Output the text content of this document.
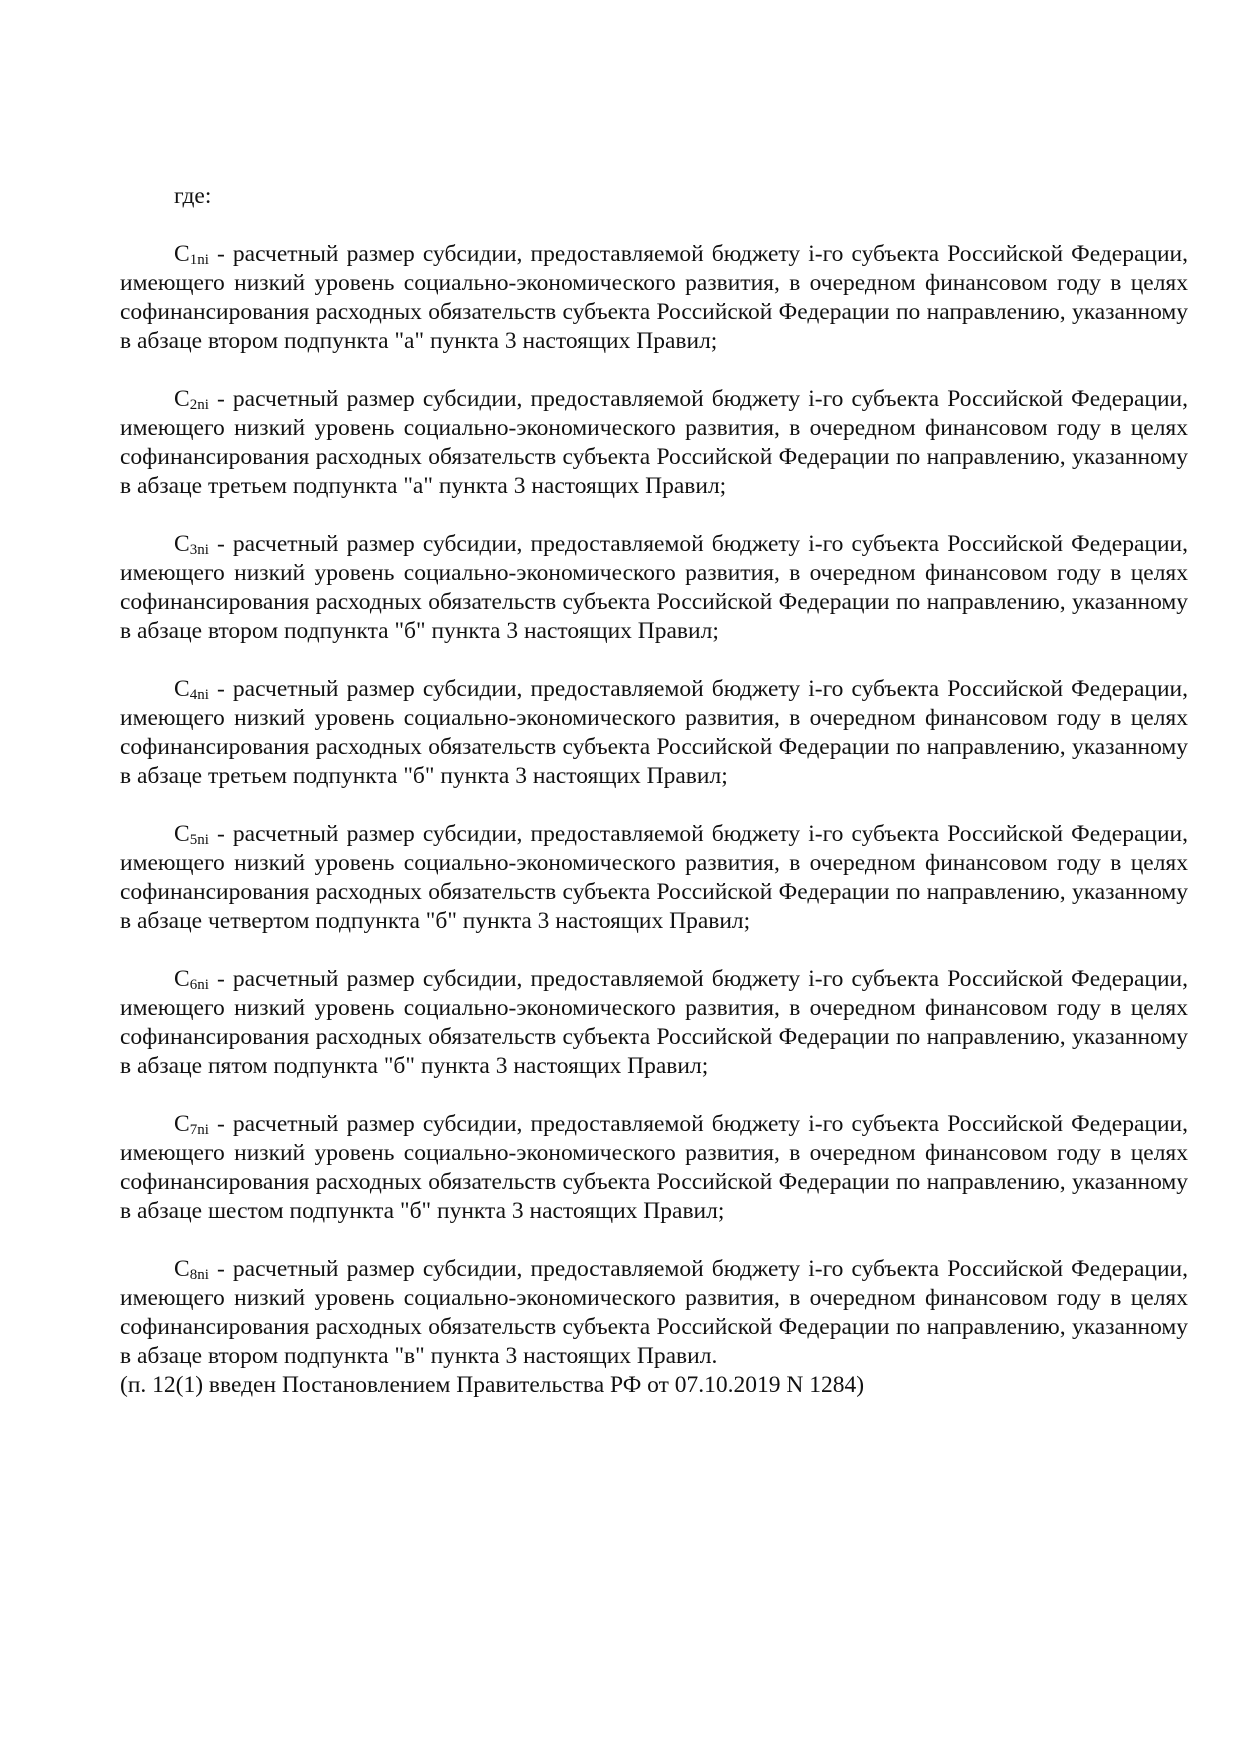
где:

$C_{1ni}$ - расчетный размер субсидии, предоставляемой бюджету i-го субъекта Российской Федерации, имеющего низкий уровень социально-экономического развития, в очередном финансовом году в целях софинансирования расходных обязательств субъекта Российской Федерации по направлению, указанному в абзаце втором подпункта "а" пункта 3 настоящих Правил;

$C_{2ni}$ - расчетный размер субсидии, предоставляемой бюджету i-го субъекта Российской Федерации, имеющего низкий уровень социально-экономического развития, в очередном финансовом году в целях софинансирования расходных обязательств субъекта Российской Федерации по направлению, указанному в абзаце третьем подпункта "а" пункта 3 настоящих Правил;

$C_{3ni}$ - расчетный размер субсидии, предоставляемой бюджету i-го субъекта Российской Федерации, имеющего низкий уровень социально-экономического развития, в очередном финансовом году в целях софинансирования расходных обязательств субъекта Российской Федерации по направлению, указанному в абзаце втором подпункта "б" пункта 3 настоящих Правил;

$C_{4ni}$ - расчетный размер субсидии, предоставляемой бюджету i-го субъекта Российской Федерации, имеющего низкий уровень социально-экономического развития, в очередном финансовом году в целях софинансирования расходных обязательств субъекта Российской Федерации по направлению, указанному в абзаце третьем подпункта "б" пункта 3 настоящих Правил;

$C_{5ni}$ - расчетный размер субсидии, предоставляемой бюджету i-го субъекта Российской Федерации, имеющего низкий уровень социально-экономического развития, в очередном финансовом году в целях софинансирования расходных обязательств субъекта Российской Федерации по направлению, указанному в абзаце четвертом подпункта "б" пункта 3 настоящих Правил;

$C_{6ni}$ - расчетный размер субсидии, предоставляемой бюджету i-го субъекта Российской Федерации, имеющего низкий уровень социально-экономического развития, в очередном финансовом году в целях софинансирования расходных обязательств субъекта Российской Федерации по направлению, указанному в абзаце пятом подпункта "б" пункта 3 настоящих Правил;

$C_{7ni}$ - расчетный размер субсидии, предоставляемой бюджету i-го субъекта Российской Федерации, имеющего низкий уровень социально-экономического развития, в очередном финансовом году в целях софинансирования расходных обязательств субъекта Российской Федерации по направлению, указанному в абзаце шестом подпункта "б" пункта 3 настоящих Правил;

$C_{8ni}$ - расчетный размер субсидии, предоставляемой бюджету i-го субъекта Российской Федерации, имеющего низкий уровень социально-экономического развития, в очередном финансовом году в целях софинансирования расходных обязательств субъекта Российской Федерации по направлению, указанному в абзаце втором подпункта "в" пункта 3 настоящих Правил.

(п. 12(1) введен Постановлением Правительства РФ от 07.10.2019 N 1284)
